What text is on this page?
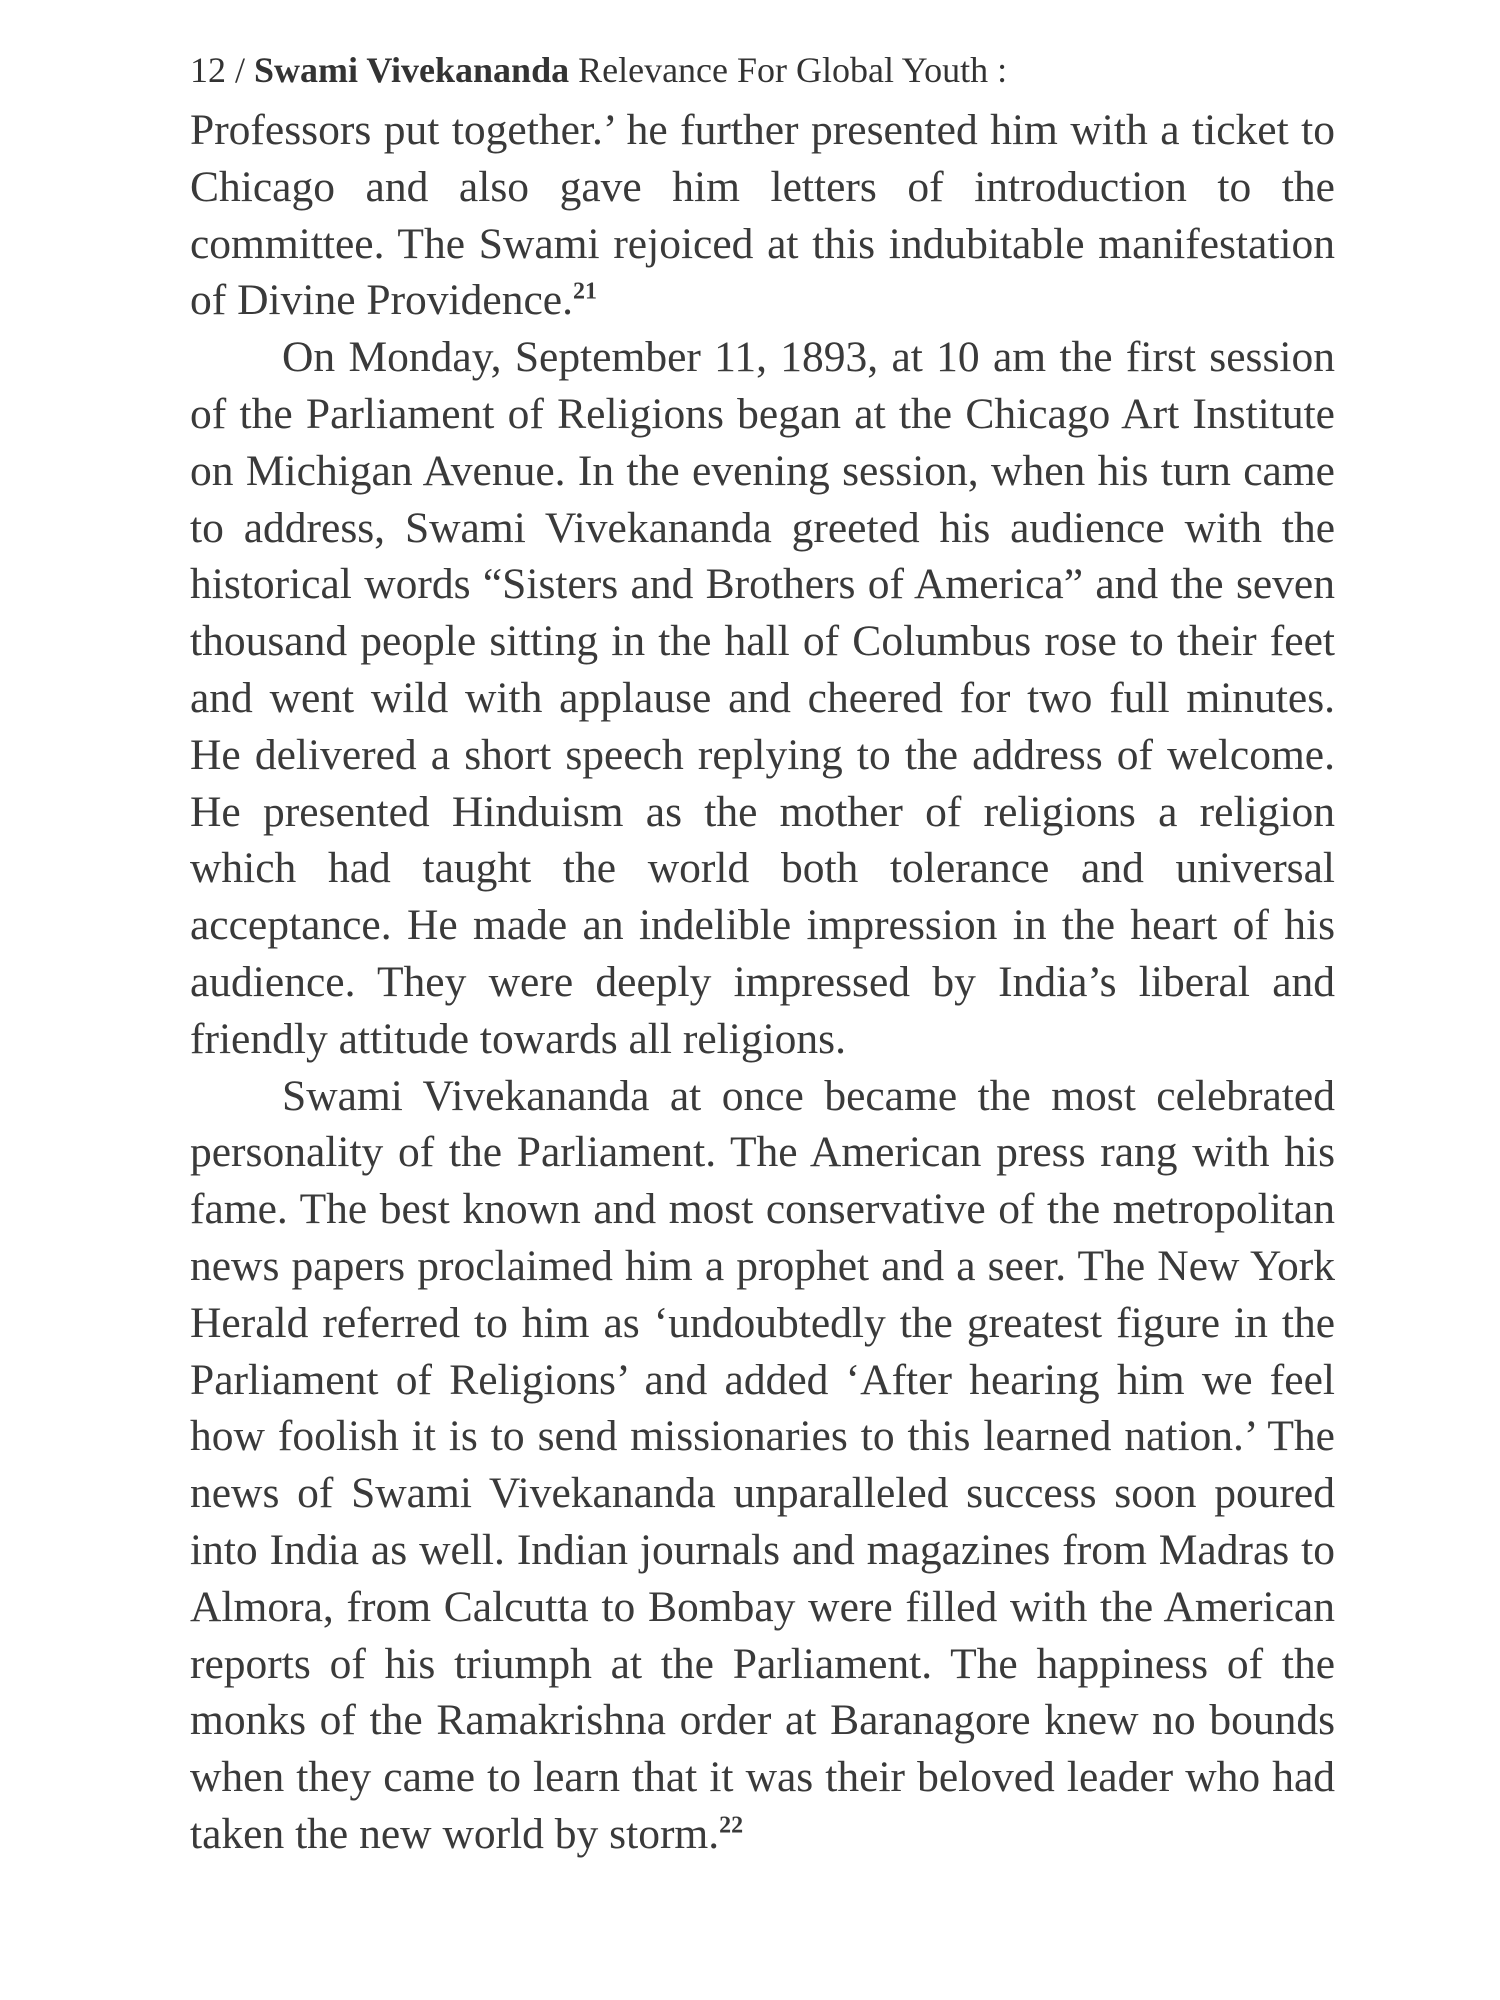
12 / Swami Vivekananda Relevance For Global Youth :

Professors put together.’ he further presented him with a ticket to Chicago and also gave him letters of introduction to the committee. The Swami rejoiced at this indubitable manifestation of Divine Providence.$^{21}$

On Monday, September 11, 1893, at 10 am the first session of the Parliament of Religions began at the Chicago Art Institute on Michigan Avenue. In the evening session, when his turn came to address, Swami Vivekananda greeted his audience with the historical words “Sisters and Brothers of America” and the seven thousand people sitting in the hall of Columbus rose to their feet and went wild with applause and cheered for two full minutes. He delivered a short speech replying to the address of welcome. He presented Hinduism as the mother of religions a religion which had taught the world both tolerance and universal acceptance. He made an indelible impression in the heart of his audience. They were deeply impressed by India’s liberal and friendly attitude towards all religions.

Swami Vivekananda at once became the most celebrated personality of the Parliament. The American press rang with his fame. The best known and most conservative of the metropolitan news papers proclaimed him a prophet and a seer. The New York Herald referred to him as ‘undoubtedly the greatest figure in the Parliament of Religions’ and added ‘After hearing him we feel how foolish it is to send missionaries to this learned nation.’ The news of Swami Vivekananda unparalleled success soon poured into India as well. Indian journals and magazines from Madras to Almora, from Calcutta to Bombay were filled with the American reports of his triumph at the Parliament. The happiness of the monks of the Ramakrishna order at Baranagore knew no bounds when they came to learn that it was their beloved leader who had taken the new world by storm.$^{22}$
